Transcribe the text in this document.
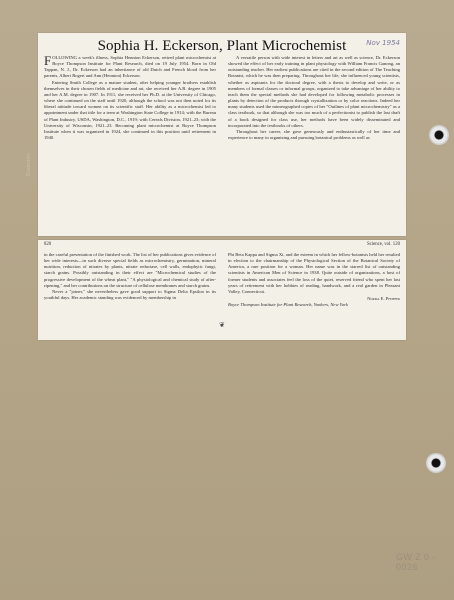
Sophia H. Eckerson, Plant Microchemist	Nov 1954

FOLLOWING a week's illness, Sophia Hennion Eckerson, retired plant microchemist at Boyce Thompson Institute for Plant Research, died on 19 July 1954. Born in Old Tappan, N. J., Dr. Eckerson had an inheritance of old Dutch and French blood from her parents, Albert Bogert and Ann (Hennion) Eckerson.

Entering Smith College as a mature student, after helping younger brothers establish themselves in their chosen fields of medicine and art, she received her A.B. degree in 1905 and her A.M. degree in 1907. In 1911, she received her Ph.D. at the University of Chicago, where she continued on the staff until 1920, although the school was not then noted for its liberal attitude toward women on its scientific staff. Her ability as a microchemist led to appointment under that title for a term at Washington State College in 1914; with the Bureau of Plant Industry, USDA, Washington, D.C., 1919; with Cereals Division, 1921–23; with the University of Wisconsin, 1921–23. Becoming plant microchemist at Boyce Thompson Institute when it was organized in 1924, she continued in this position until retirement in 1940.

A versatile person with wide interest in letters and art as well as science, Dr. Eckerson showed the effect of her early training in plant physiology with William Francis Ganong, an outstanding teacher. Her earliest publications are cited in the second edition of The Teaching Botanist, which he was then preparing. Throughout her life, she influenced young scientists, whether as aspirants for the doctoral degree, with a thesis to develop and write, or as members of formal classes or informal groups, organized to take advantage of her ability to teach them the special methods she had developed for following metabolic processes in plants by detection of the products through crystallization or by color reactions. Indeed her many students used the mimeographed copies of her "Outlines of plant microchemistry" as a class textbook, so that although she was too much of a perfectionist to publish the last draft of a book designed for class use, her methods have been widely disseminated and incorporated into the textbooks of others.

Throughout her career, she gave generously and enthusiastically of her time and experience to many in organizing and pursuing botanical problems as well as

820	Science, vol. 120

in the careful presentation of the finished work. The list of her publications gives evidence of her wide interests—in such diverse special fields as microchemistry, germination, mineral nutrition, reduction of nitrates by plants, nitrate reductase, cell walls, endophytic fungi, starch grains. Possibly outstanding in their effect are "Microchemical studies of the progressive development of the wheat plant," "A physiological and chemical study of after-ripening," and her contributions on the structure of cellulose membranes and starch grains.

Never a "joiner," she nevertheless gave good support to Sigma Delta Epsilon in its youthful days. Her academic standing was evidenced by membership in

Phi Beta Kappa and Sigma Xi, and the esteem in which her fellow-botanists held her resulted in election to the chairmanship of the Physiological Section of the Botanical Society of America, a rare position for a woman. Her name was in the starred list of outstanding scientists in American Men of Science in 1938. Quite outside of organizations, a host of former students and associates feel the loss of the quiet, reserved friend who spent her last years of retirement with her hobbies of reading, handwork, and a real garden in Pleasant Valley, Connecticut.

Norma E. Pfeiffer

Boyce Thompson Institute for Plant Research, Yonkers, New York

❦
Eckerson
GW Z 0 - 0026
